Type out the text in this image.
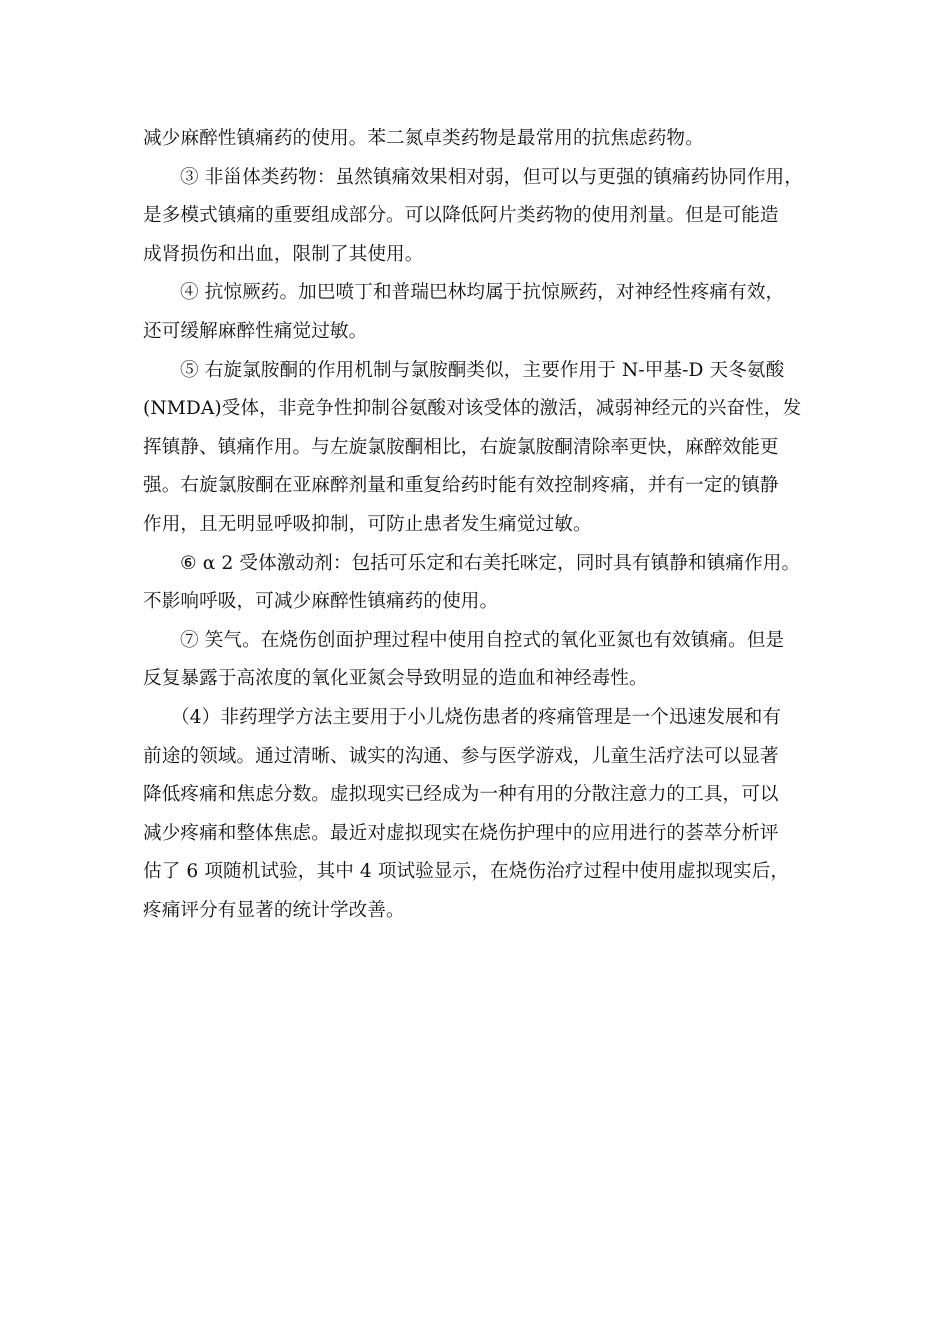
减少麻醉性镇痛药的使用。苯二氮卓类药物是最常用的抗焦虑药物。
③ 非甾体类药物：虽然镇痛效果相对弱，但可以与更强的镇痛药协同作用，
是多模式镇痛的重要组成部分。可以降低阿片类药物的使用剂量。但是可能造
成肾损伤和出血，限制了其使用。
④ 抗惊厥药。加巴喷丁和普瑞巴林均属于抗惊厥药，对神经性疼痛有效，
还可缓解麻醉性痛觉过敏。
⑤ 右旋氯胺酮的作用机制与氯胺酮类似，主要作用于 N-甲基-D 天冬氨酸
(NMDA)受体，非竞争性抑制谷氨酸对该受体的激活，减弱神经元的兴奋性，发
挥镇静、镇痛作用。与左旋氯胺酮相比，右旋氯胺酮清除率更快，麻醉效能更
强。右旋氯胺酮在亚麻醉剂量和重复给药时能有效控制疼痛，并有一定的镇静
作用，且无明显呼吸抑制，可防止患者发生痛觉过敏。
⑥ α 2 受体激动剂：包括可乐定和右美托咪定，同时具有镇静和镇痛作用。
不影响呼吸，可减少麻醉性镇痛药的使用。
⑦ 笑气。在烧伤创面护理过程中使用自控式的氧化亚氮也有效镇痛。但是
反复暴露于高浓度的氧化亚氮会导致明显的造血和神经毒性。
（4）非药理学方法主要用于小儿烧伤患者的疼痛管理是一个迅速发展和有
前途的领域。通过清晰、诚实的沟通、参与医学游戏，儿童生活疗法可以显著
降低疼痛和焦虑分数。虚拟现实已经成为一种有用的分散注意力的工具，可以
减少疼痛和整体焦虑。最近对虚拟现实在烧伤护理中的应用进行的荟萃分析评
估了 6 项随机试验，其中 4 项试验显示，在烧伤治疗过程中使用虚拟现实后，
疼痛评分有显著的统计学改善。
